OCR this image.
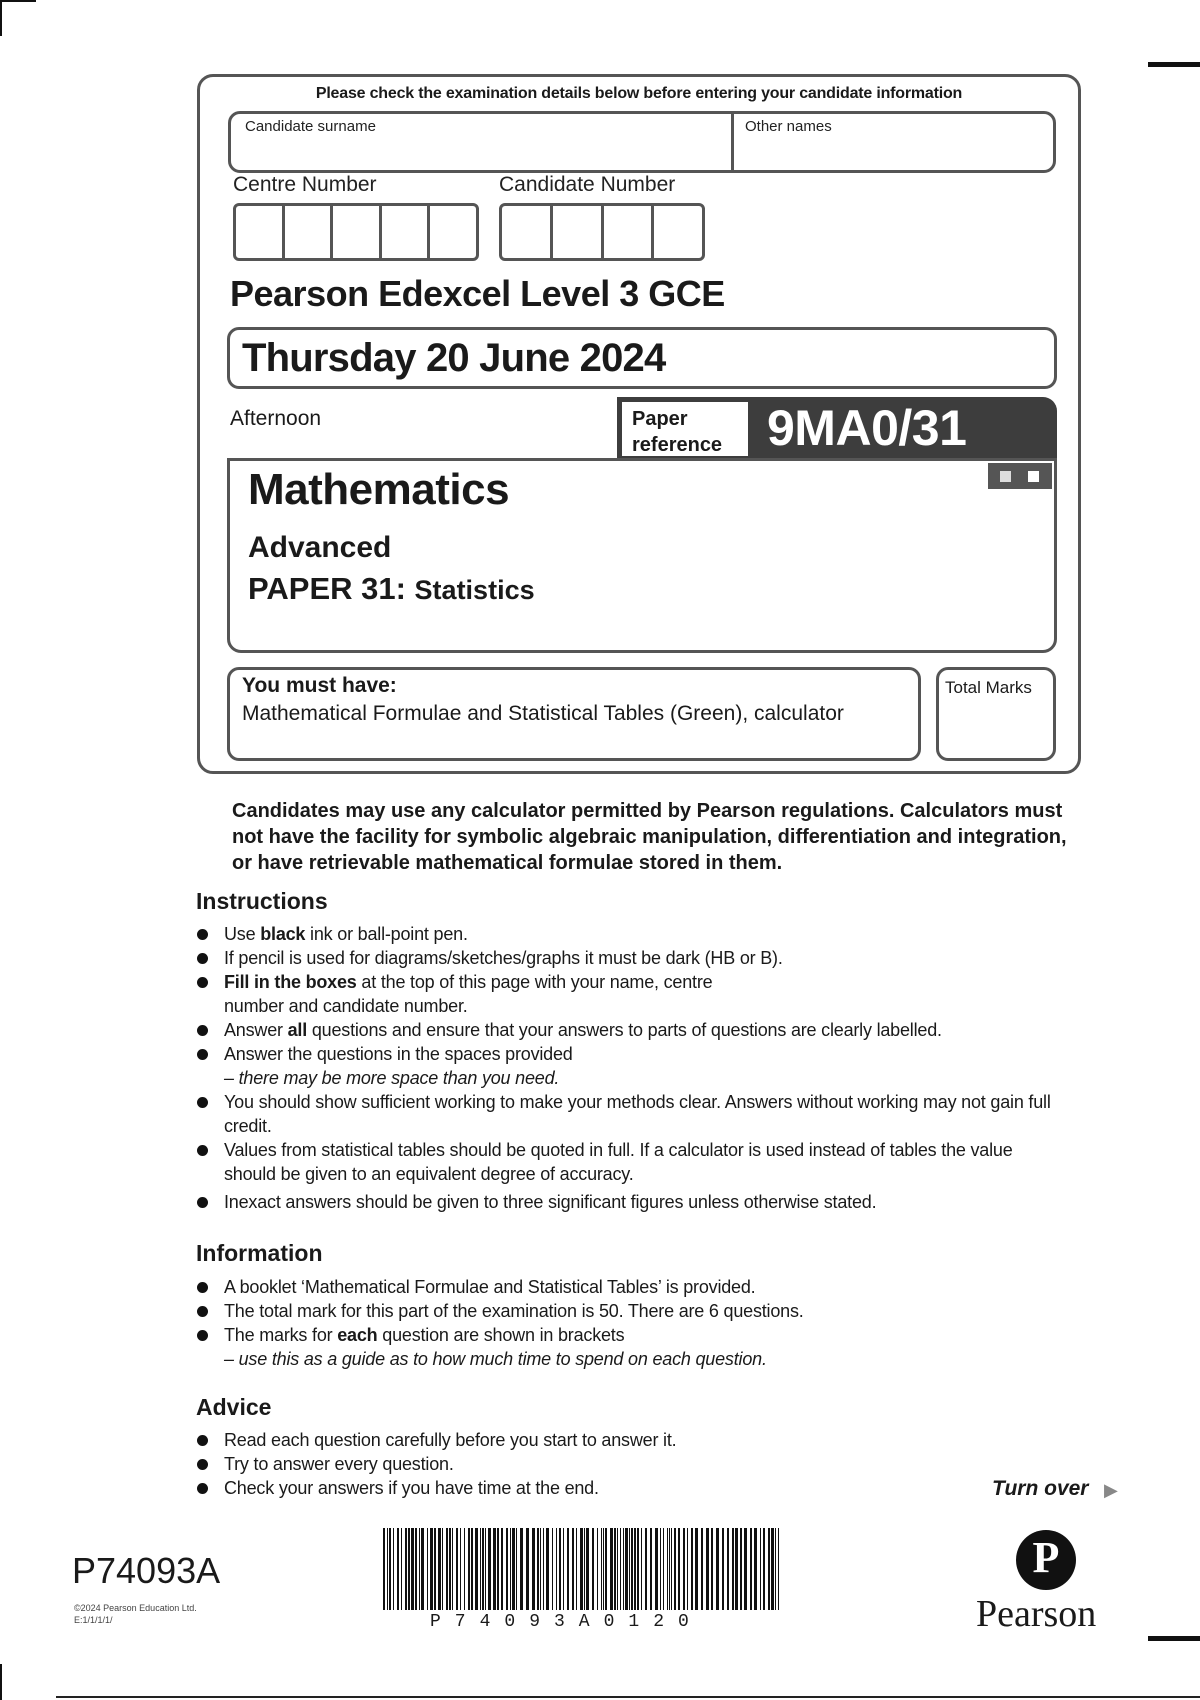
Please check the examination details below before entering your candidate information
Candidate surname	Other names
Centre Number	Candidate Number
Pearson Edexcel Level 3 GCE
Thursday 20 June 2024
Afternoon	Paper
reference 9MA0/31
Mathematics
Advanced
PAPER 31: Statistics
You must have:
Mathematical Formulae and Statistical Tables (Green), calculator
Total Marks
Candidates may use any calculator permitted by Pearson regulations. Calculators must not have the facility for symbolic algebraic manipulation, differentiation and integration, or have retrievable mathematical formulae stored in them.
Instructions
Use black ink or ball-point pen.
If pencil is used for diagrams/sketches/graphs it must be dark (HB or B).
Fill in the boxes at the top of this page with your name, centre number and candidate number.
Answer all questions and ensure that your answers to parts of questions are clearly labelled.
Answer the questions in the spaces provided
– there may be more space than you need.
You should show sufficient working to make your methods clear. Answers without working may not gain full credit.
Values from statistical tables should be quoted in full. If a calculator is used instead of tables the value should be given to an equivalent degree of accuracy.
Inexact answers should be given to three significant figures unless otherwise stated.
Information
A booklet ‘Mathematical Formulae and Statistical Tables’ is provided.
The total mark for this part of the examination is 50. There are 6 questions.
The marks for each question are shown in brackets
– use this as a guide as to how much time to spend on each question.
Advice
Read each question carefully before you start to answer it.
Try to answer every question.
Check your answers if you have time at the end.	Turn over ▶
P74093A
©2024 Pearson Education Ltd.
E:1/1/1/1/	P74093A0120
P
Pearson
